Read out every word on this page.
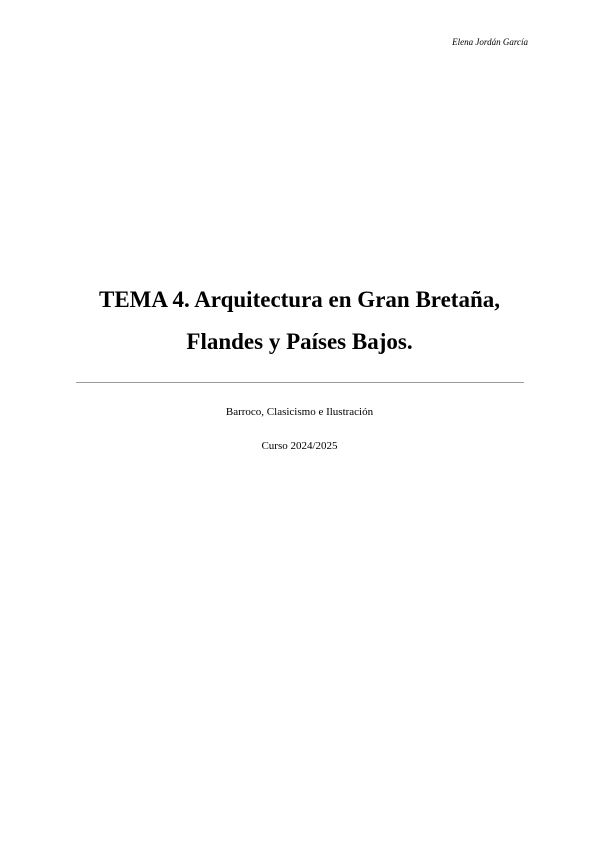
Elena Jordán García
TEMA 4. Arquitectura en Gran Bretaña,
Flandes y Países Bajos.
Barroco, Clasicismo e Ilustración
Curso 2024/2025
